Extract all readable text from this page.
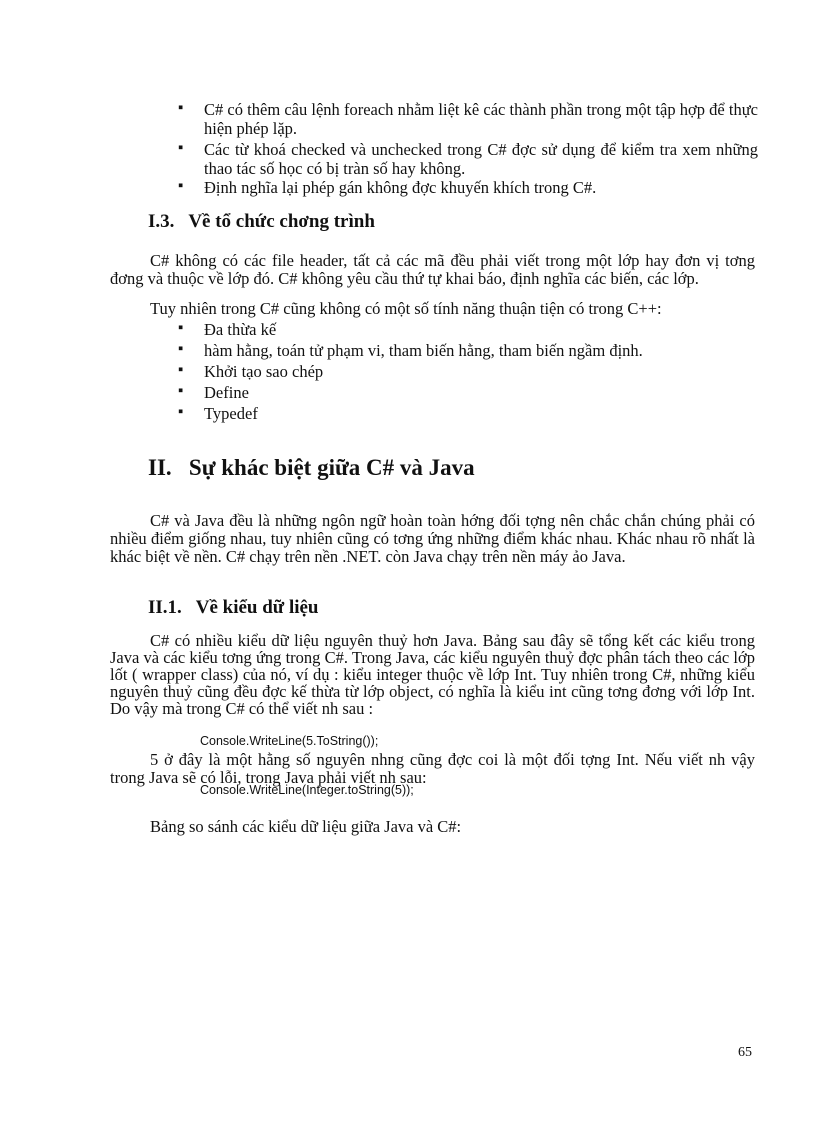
▪ C# có thêm câu lệnh foreach nhằm liệt kê các thành phần trong một tập hợp để thực hiện phép lặp.
▪ Các từ khoá checked và unchecked trong C# đợc sử dụng để kiểm tra xem những thao tác số học có bị tràn số hay không.
▪ Định nghĩa lại phép gán không đợc khuyến khích trong C#.
I.3. Về tổ chức chơng trình
C# không có các file header, tất cả các mã đều phải viết trong một lớp hay đơn vị tơng đơng và thuộc về lớp đó. C# không yêu cầu thứ tự khai báo, định nghĩa các biến, các lớp.
Tuy nhiên trong C# cũng không có một số tính năng thuận tiện có trong C++:
▪ Đa thừa kế
▪ hàm hằng, toán tử phạm vi, tham biến hằng, tham biến ngầm định.
▪ Khởi tạo sao chép
▪ Define
▪ Typedef
II. Sự khác biệt giữa C# và Java
C# và Java đều là những ngôn ngữ hoàn toàn hớng đối tợng nên chắc chắn chúng phải có nhiều điểm giống nhau, tuy nhiên cũng có tơng ứng những điểm khác nhau. Khác nhau rõ nhất là khác biệt về nền. C# chạy trên nền .NET. còn Java chạy trên nền máy ảo Java.
II.1. Về kiểu dữ liệu
C# có nhiều kiểu dữ liệu nguyên thuỷ hơn Java. Bảng sau đây sẽ tổng kết các kiểu trong Java và các kiểu tơng ứng trong C#. Trong Java, các kiểu nguyên thuỷ đợc phân tách theo các lớp lốt ( wrapper class) của nó, ví dụ : kiểu integer thuộc về lớp Int. Tuy nhiên trong C#, những kiểu nguyên thuỷ cũng đều đợc kế thừa từ lớp object, có nghĩa là kiểu int cũng tơng đơng với lớp Int. Do vậy mà trong C# có thể viết nh sau :
Console.WriteLine(5.ToString());
5 ở đây là một hằng số nguyên nhng cũng đợc coi là một đối tợng Int. Nếu viết nh vậy trong Java sẽ có lỗi, trong Java phải viết nh sau:
Console.WriteLine(Integer.toString(5));
Bảng so sánh các kiểu dữ liệu giữa Java và C#:
65
